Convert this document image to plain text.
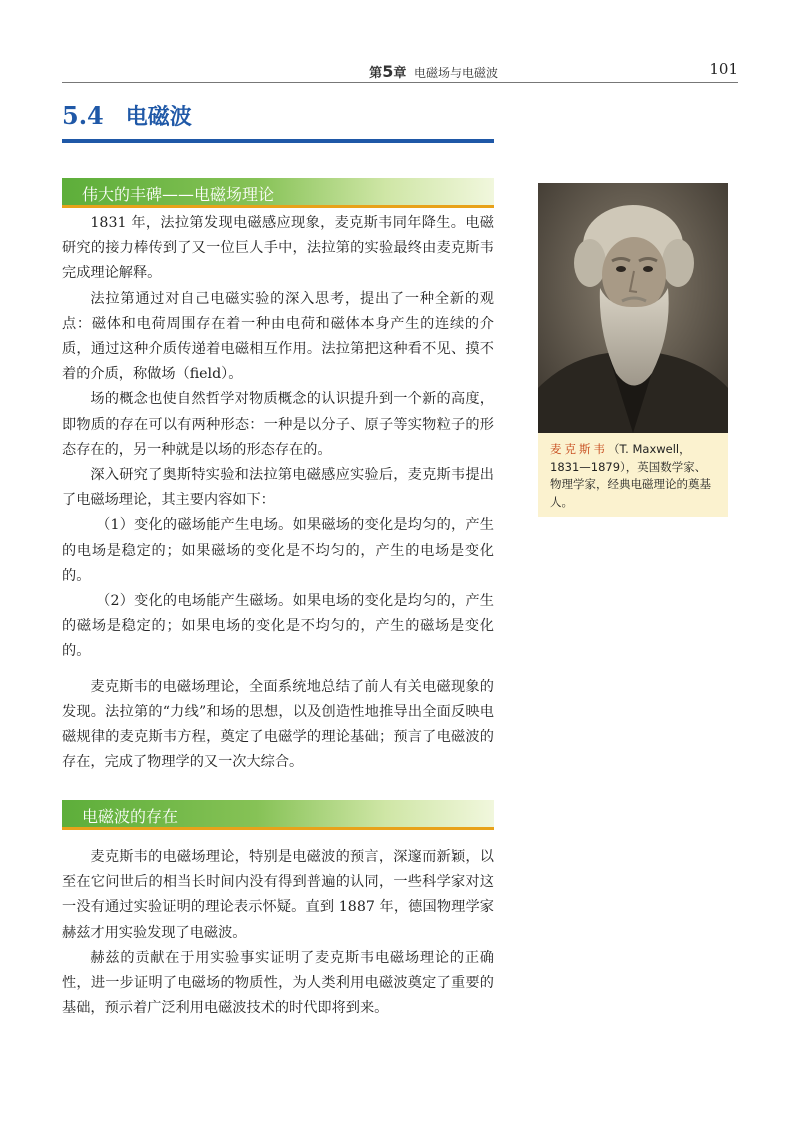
第5章 电磁场与电磁波	101
5.4 电磁波
伟大的丰碑——电磁场理论

1831 年，法拉第发现电磁感应现象，麦克斯韦同年降生。电磁研究的接力棒传到了又一位巨人手中，法拉第的实验最终由麦克斯韦完成理论解释。

法拉第通过对自己电磁实验的深入思考，提出了一种全新的观点：磁体和电荷周围存在着一种由电荷和磁体本身产生的连续的介质，通过这种介质传递着电磁相互作用。法拉第把这种看不见、摸不着的介质，称做场（field）。

场的概念也使自然哲学对物质概念的认识提升到一个新的高度，即物质的存在可以有两种形态：一种是以分子、原子等实物粒子的形态存在的，另一种就是以场的形态存在的。

深入研究了奥斯特实验和法拉第电磁感应实验后，麦克斯韦提出了电磁场理论，其主要内容如下：

（1）变化的磁场能产生电场。如果磁场的变化是均匀的，产生的电场是稳定的；如果磁场的变化是不均匀的，产生的电场是变化的。

（2）变化的电场能产生磁场。如果电场的变化是均匀的，产生的磁场是稳定的；如果电场的变化是不均匀的，产生的磁场是变化的。

麦克斯韦的电磁场理论，全面系统地总结了前人有关电磁现象的发现。法拉第的“力线”和场的思想，以及创造性地推导出全面反映电磁规律的麦克斯韦方程，奠定了电磁学的理论基础；预言了电磁波的存在，完成了物理学的又一次大综合。

电磁波的存在

麦克斯韦的电磁场理论，特别是电磁波的预言，深邃而新颖，以至在它问世后的相当长时间内没有得到普遍的认同，一些科学家对这一没有通过实验证明的理论表示怀疑。直到 1887 年，德国物理学家赫兹才用实验发现了电磁波。

赫兹的贡献在于用实验事实证明了麦克斯韦电磁场理论的正确性，进一步证明了电磁场的物质性，为人类利用电磁波奠定了重要的基础，预示着广泛利用电磁波技术的时代即将到来。

麦克斯韦（T. Maxwell，1831—1879），英国数学家、物理学家，经典电磁理论的奠基人。
